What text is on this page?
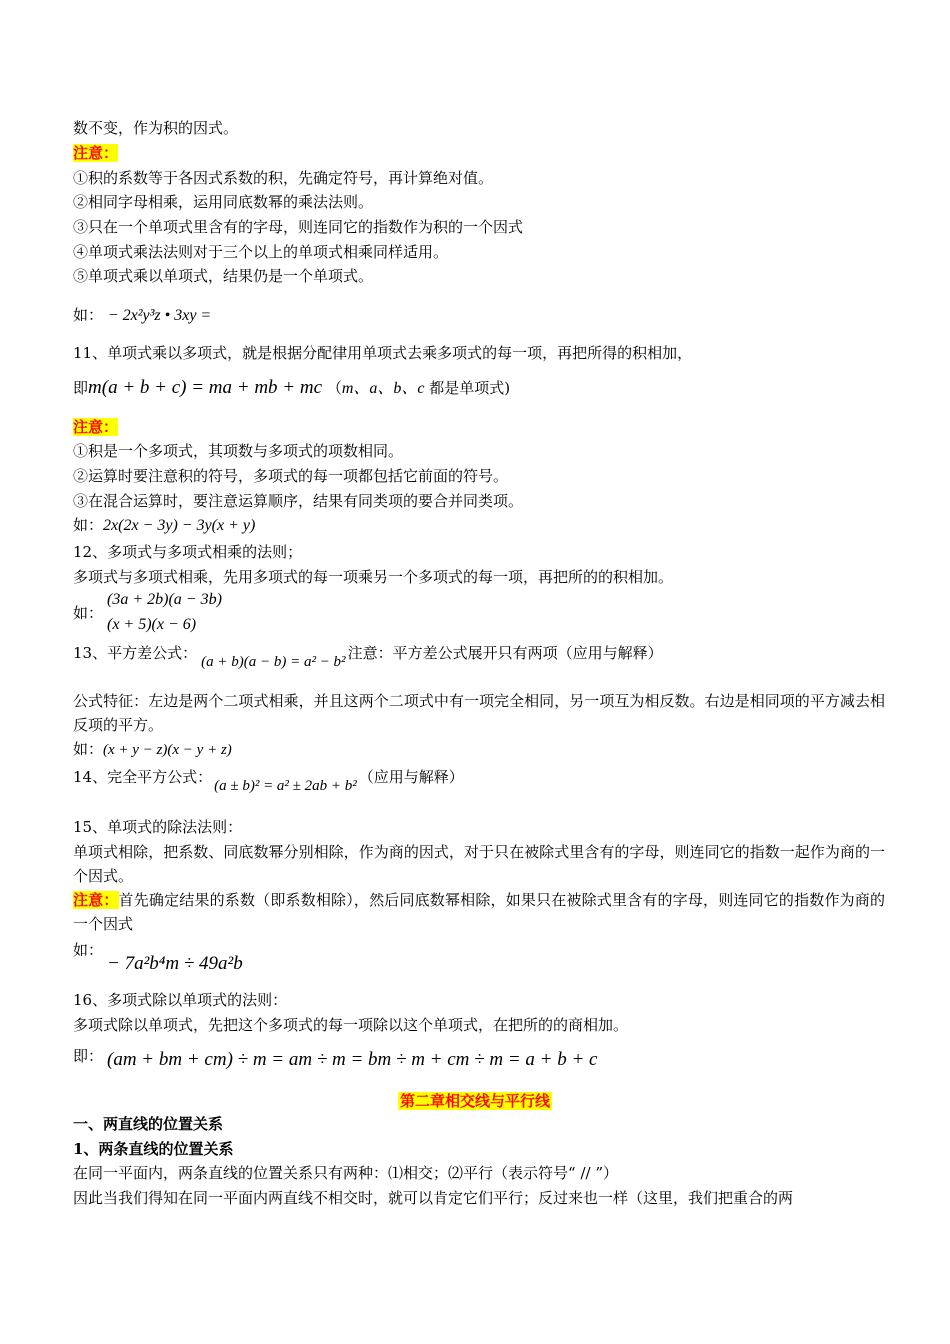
数不变，作为积的因式。
注意：
①积的系数等于各因式系数的积，先确定符号，再计算绝对值。
②相同字母相乘，运用同底数幂的乘法法则。
③只在一个单项式里含有的字母，则连同它的指数作为积的一个因式
④单项式乘法法则对于三个以上的单项式相乘同样适用。
⑤单项式乘以单项式，结果仍是一个单项式。
如： − 2x²y³z • 3xy =
11、单项式乘以多项式，就是根据分配律用单项式去乘多项式的每一项，再把所得的积相加，
即m(a + b + c) = ma + mb + mc （m、a、b、c 都是单项式)
注意：
①积是一个多项式，其项数与多项式的项数相同。
②运算时要注意积的符号，多项式的每一项都包括它前面的符号。
③在混合运算时，要注意运算顺序，结果有同类项的要合并同类项。
如：2x(2x − 3y) − 3y(x + y)
12、多项式与多项式相乘的法则；
多项式与多项式相乘，先用多项式的每一项乘另一个多项式的每一项，再把所的的积相加。
如：
(3a + 2b)(a − 3b)
(x + 5)(x − 6)
13、平方差公式： (a + b)(a − b) = a² − b² 注意：平方差公式展开只有两项（应用与解释）
公式特征：左边是两个二项式相乘，并且这两个二项式中有一项完全相同，另一项互为相反数。右边是相同项的平方减去相反项的平方。
如：(x + y − z)(x − y + z)
14、完全平方公式： (a ± b)² = a² ± 2ab + b² （应用与解释）
15、单项式的除法法则：
单项式相除，把系数、同底数幂分别相除，作为商的因式，对于只在被除式里含有的字母，则连同它的指数一起作为商的一个因式。
注意：首先确定结果的系数（即系数相除），然后同底数幂相除，如果只在被除式里含有的字母，则连同它的指数作为商的一个因式
如：
− 7a²b⁴m ÷ 49a²b
16、多项式除以单项式的法则：
多项式除以单项式，先把这个多项式的每一项除以这个单项式，在把所的的商相加。
即： (am + bm + cm) ÷ m = am ÷ m = bm ÷ m + cm ÷ m = a + b + c
第二章相交线与平行线
一、两直线的位置关系
1、两条直线的位置关系
在同一平面内，两条直线的位置关系只有两种：⑴相交；⑵平行（表示符号“ // ”）
因此当我们得知在同一平面内两直线不相交时，就可以肯定它们平行；反过来也一样（这里，我们把重合的两
